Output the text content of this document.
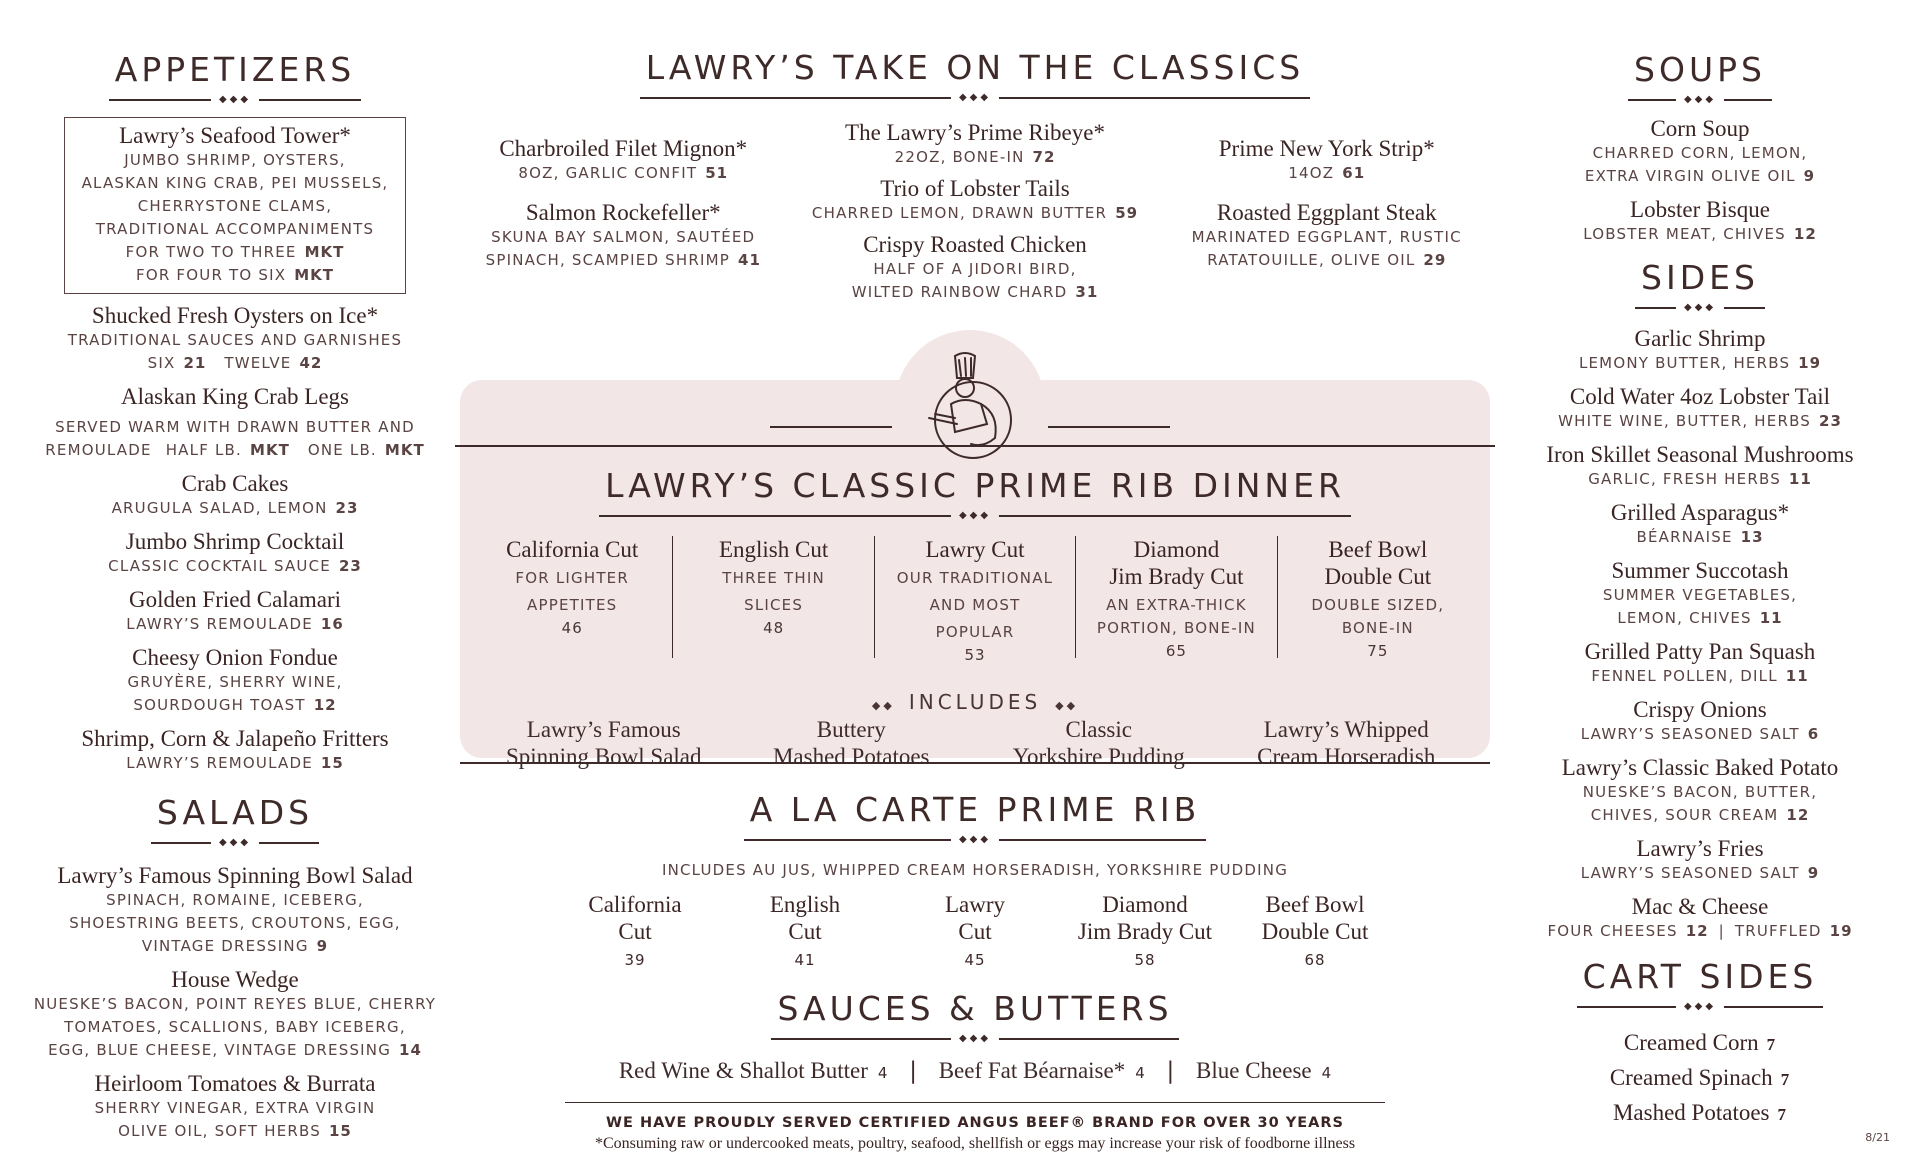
APPETIZERS
◆◆◆
Lawry’s Seafood Tower*
JUMBO SHRIMP, OYSTERS,
ALASKAN KING CRAB, PEI MUSSELS,
CHERRYSTONE CLAMS,
TRADITIONAL ACCOMPANIMENTS
FOR TWO TO THREE MKT
FOR FOUR TO SIX MKT
Shucked Fresh Oysters on Ice*
TRADITIONAL SAUCES AND GARNISHES
SIX 21 TWELVE 42
Alaskan King Crab Legs
SERVED WARM WITH DRAWN BUTTER AND
REMOULADE HALF LB. MKT ONE LB. MKT
Crab Cakes
ARUGULA SALAD, LEMON 23
Jumbo Shrimp Cocktail
CLASSIC COCKTAIL SAUCE 23
Golden Fried Calamari
LAWRY’S REMOULADE 16
Cheesy Onion Fondue
GRUYÈRE, SHERRY WINE,
SOURDOUGH TOAST 12
Shrimp, Corn & Jalapeño Fritters
LAWRY’S REMOULADE 15
SALADS
◆◆◆
Lawry’s Famous Spinning Bowl Salad
SPINACH, ROMAINE, ICEBERG,
SHOESTRING BEETS, CROUTONS, EGG,
VINTAGE DRESSING 9
House Wedge
NUESKE’S BACON, POINT REYES BLUE, CHERRY
TOMATOES, SCALLIONS, BABY ICEBERG,
EGG, BLUE CHEESE, VINTAGE DRESSING 14
Heirloom Tomatoes & Burrata
SHERRY VINEGAR, EXTRA VIRGIN
OLIVE OIL, SOFT HERBS 15
LAWRY’S TAKE ON THE CLASSICS
◆◆◆
Charbroiled Filet Mignon*
8OZ, GARLIC CONFIT 51
Salmon Rockefeller*
SKUNA BAY SALMON, SAUTÉED
SPINACH, SCAMPIED SHRIMP 41
The Lawry’s Prime Ribeye*
22OZ, BONE-IN 72
Trio of Lobster Tails
CHARRED LEMON, DRAWN BUTTER 59
Crispy Roasted Chicken
HALF OF A JIDORI BIRD,
WILTED RAINBOW CHARD 31
Prime New York Strip*
14OZ 61
Roasted Eggplant Steak
MARINATED EGGPLANT, RUSTIC
RATATOUILLE, OLIVE OIL 29
LAWRY’S CLASSIC PRIME RIB DINNER
◆◆◆
California Cut
FOR LIGHTER
APPETITES
46
English Cut
THREE THIN
SLICES
48
Lawry Cut
OUR TRADITIONAL
AND MOST
POPULAR
53
Diamond
Jim Brady Cut
AN EXTRA-THICK
PORTION, BONE-IN
65
Beef Bowl
Double Cut
DOUBLE SIZED,
BONE-IN
75
◆◆ INCLUDES ◆◆
Lawry’s Famous
Spinning Bowl Salad
Buttery
Mashed Potatoes
Classic
Yorkshire Pudding
Lawry’s Whipped
Cream Horseradish
A LA CARTE PRIME RIB
◆◆◆
INCLUDES AU JUS, WHIPPED CREAM HORSERADISH, YORKSHIRE PUDDING
California
Cut
39
English
Cut
41
Lawry
Cut
45
Diamond
Jim Brady Cut
58
Beef Bowl
Double Cut
68
SAUCES & BUTTERS
◆◆◆
Red Wine & Shallot Butter 4 | Beef Fat Béarnaise* 4 | Blue Cheese 4
WE HAVE PROUDLY SERVED CERTIFIED ANGUS BEEF® BRAND FOR OVER 30 YEARS
*Consuming raw or undercooked meats, poultry, seafood, shellfish or eggs may increase your risk of foodborne illness
SOUPS
◆◆◆
Corn Soup
CHARRED CORN, LEMON,
EXTRA VIRGIN OLIVE OIL 9
Lobster Bisque
LOBSTER MEAT, CHIVES 12
SIDES
◆◆◆
Garlic Shrimp
LEMONY BUTTER, HERBS 19
Cold Water 4oz Lobster Tail
WHITE WINE, BUTTER, HERBS 23
Iron Skillet Seasonal Mushrooms
GARLIC, FRESH HERBS 11
Grilled Asparagus*
BÉARNAISE 13
Summer Succotash
SUMMER VEGETABLES,
LEMON, CHIVES 11
Grilled Patty Pan Squash
FENNEL POLLEN, DILL 11
Crispy Onions
LAWRY’S SEASONED SALT 6
Lawry’s Classic Baked Potato
NUESKE’S BACON, BUTTER,
CHIVES, SOUR CREAM 12
Lawry’s Fries
LAWRY’S SEASONED SALT 9
Mac & Cheese
FOUR CHEESES 12 | TRUFFLED 19
CART SIDES
◆◆◆
Creamed Corn 7
Creamed Spinach 7
Mashed Potatoes 7
8/21
